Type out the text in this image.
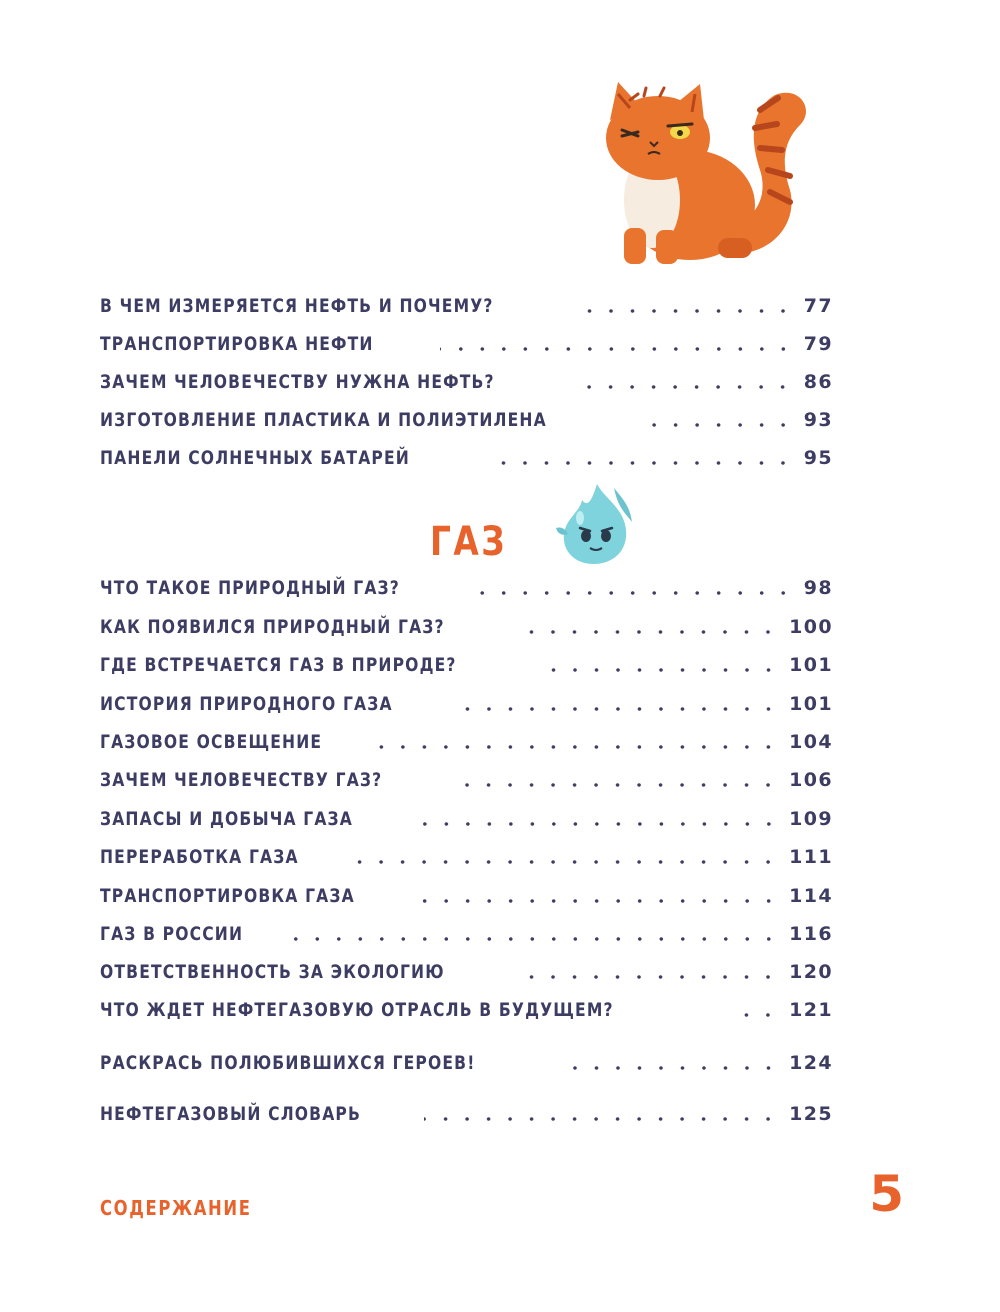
В ЧЕМ ИЗМЕРЯЕТСЯ НЕФТЬ И ПОЧЕМУ?	77
ТРАНСПОРТИРОВКА НЕФТИ	79
ЗАЧЕМ ЧЕЛОВЕЧЕСТВУ НУЖНА НЕФТЬ?	86
ИЗГОТОВЛЕНИЕ ПЛАСТИКА И ПОЛИЭТИЛЕНА	93
ПАНЕЛИ СОЛНЕЧНЫХ БАТАРЕЙ	95
ГАЗ
ЧТО ТАКОЕ ПРИРОДНЫЙ ГАЗ?	98
КАК ПОЯВИЛСЯ ПРИРОДНЫЙ ГАЗ?	100
ГДЕ ВСТРЕЧАЕТСЯ ГАЗ В ПРИРОДЕ?	101
ИСТОРИЯ ПРИРОДНОГО ГАЗА	101
ГАЗОВОЕ ОСВЕЩЕНИЕ	104
ЗАЧЕМ ЧЕЛОВЕЧЕСТВУ ГАЗ?	106
ЗАПАСЫ И ДОБЫЧА ГАЗА	109
ПЕРЕРАБОТКА ГАЗА	111
ТРАНСПОРТИРОВКА ГАЗА	114
ГАЗ В РОССИИ	116
ОТВЕТСТВЕННОСТЬ ЗА ЭКОЛОГИЮ	120
ЧТО ЖДЕТ НЕФТЕГАЗОВУЮ ОТРАСЛЬ В БУДУЩЕМ?	121
РАСКРАСЬ ПОЛЮБИВШИХСЯ ГЕРОЕВ!	124
НЕФТЕГАЗОВЫЙ СЛОВАРЬ	125
СОДЕРЖАНИЕ	5
